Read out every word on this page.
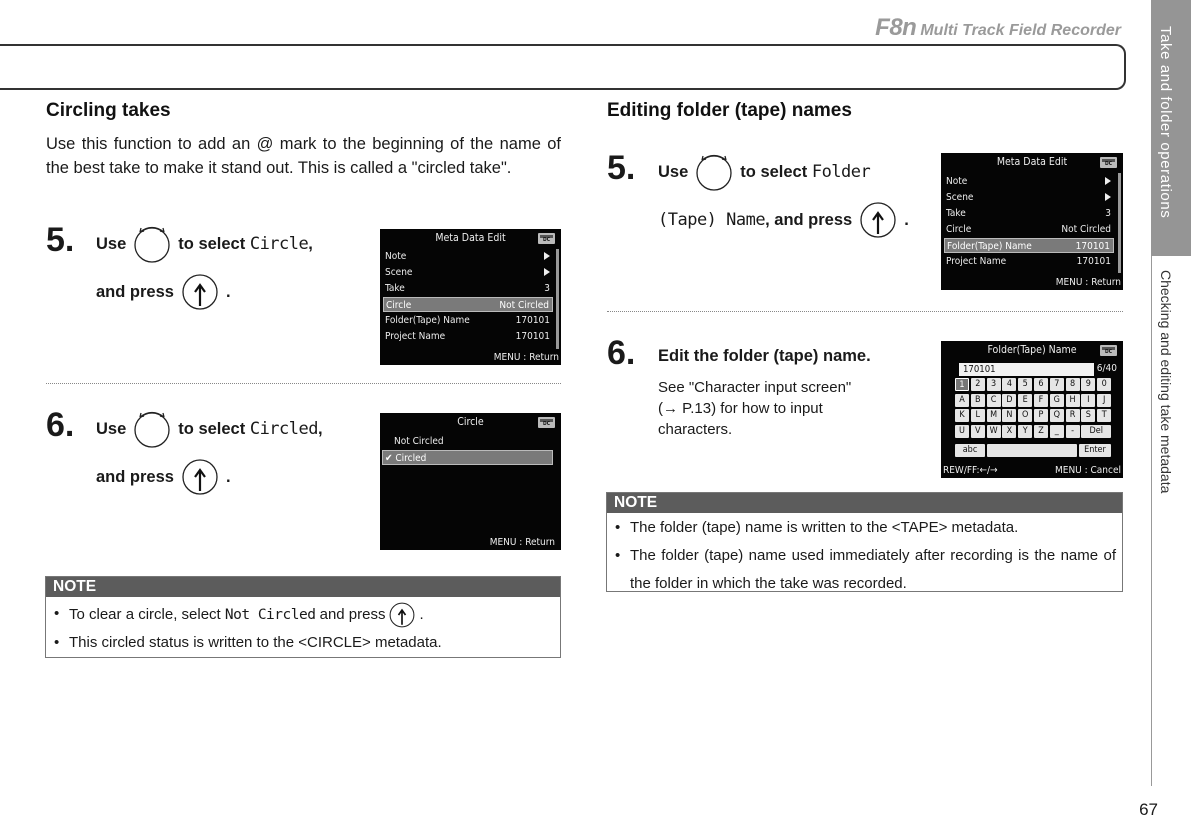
F8n Multi Track Field Recorder Take and folder operations
Checking and editing take metadata
Circling takes
Use this function to add an @ mark to the beginning of the name of the best take to make it stand out. This is called a "circled take".
5. Use	to select
Circle ,
and press	.
Meta Data Edit
DC
Note
Scene
Take	3
Circle	Not Circled
Folder(Tape) Name	170101
Project Name	170101
MENU : Return
6. Use	to select
Circled ,
and press	.
Circle
DC
Not Circled
✔ Circled
MENU : Return
NOTE
• To clear a circle, select
Not Circled
and press .
• This circled status is written to the <CIRCLE> metadata.
Editing folder (tape) names
5. Use	to select
Folder
(Tape) Name , and press	.
Meta Data Edit
DC
Note
Scene
Take	3
Circle	Not Circled
Folder(Tape) Name	170101
Project Name	170101
MENU : Return
6. Edit the folder (tape) name.
See "Character input screen"
(→ P.13) for how to input
characters.
Folder(Tape) Name
DC
170101	6/40
1	2	3	4	5	6	7	8	9	0
A	B	C	D	E	F	G	H	I	J
K	L	M	N	O	P	Q	R	S	T
U	V	W	X	Y	Z	_	-	Del
abc	Enter
REW/FF:←/→	MENU : Cancel
NOTE
• The folder (tape) name is written to the <TAPE> metadata.
• The folder (tape) name used immediately after recording is the name of the folder in which the take was recorded.
67
